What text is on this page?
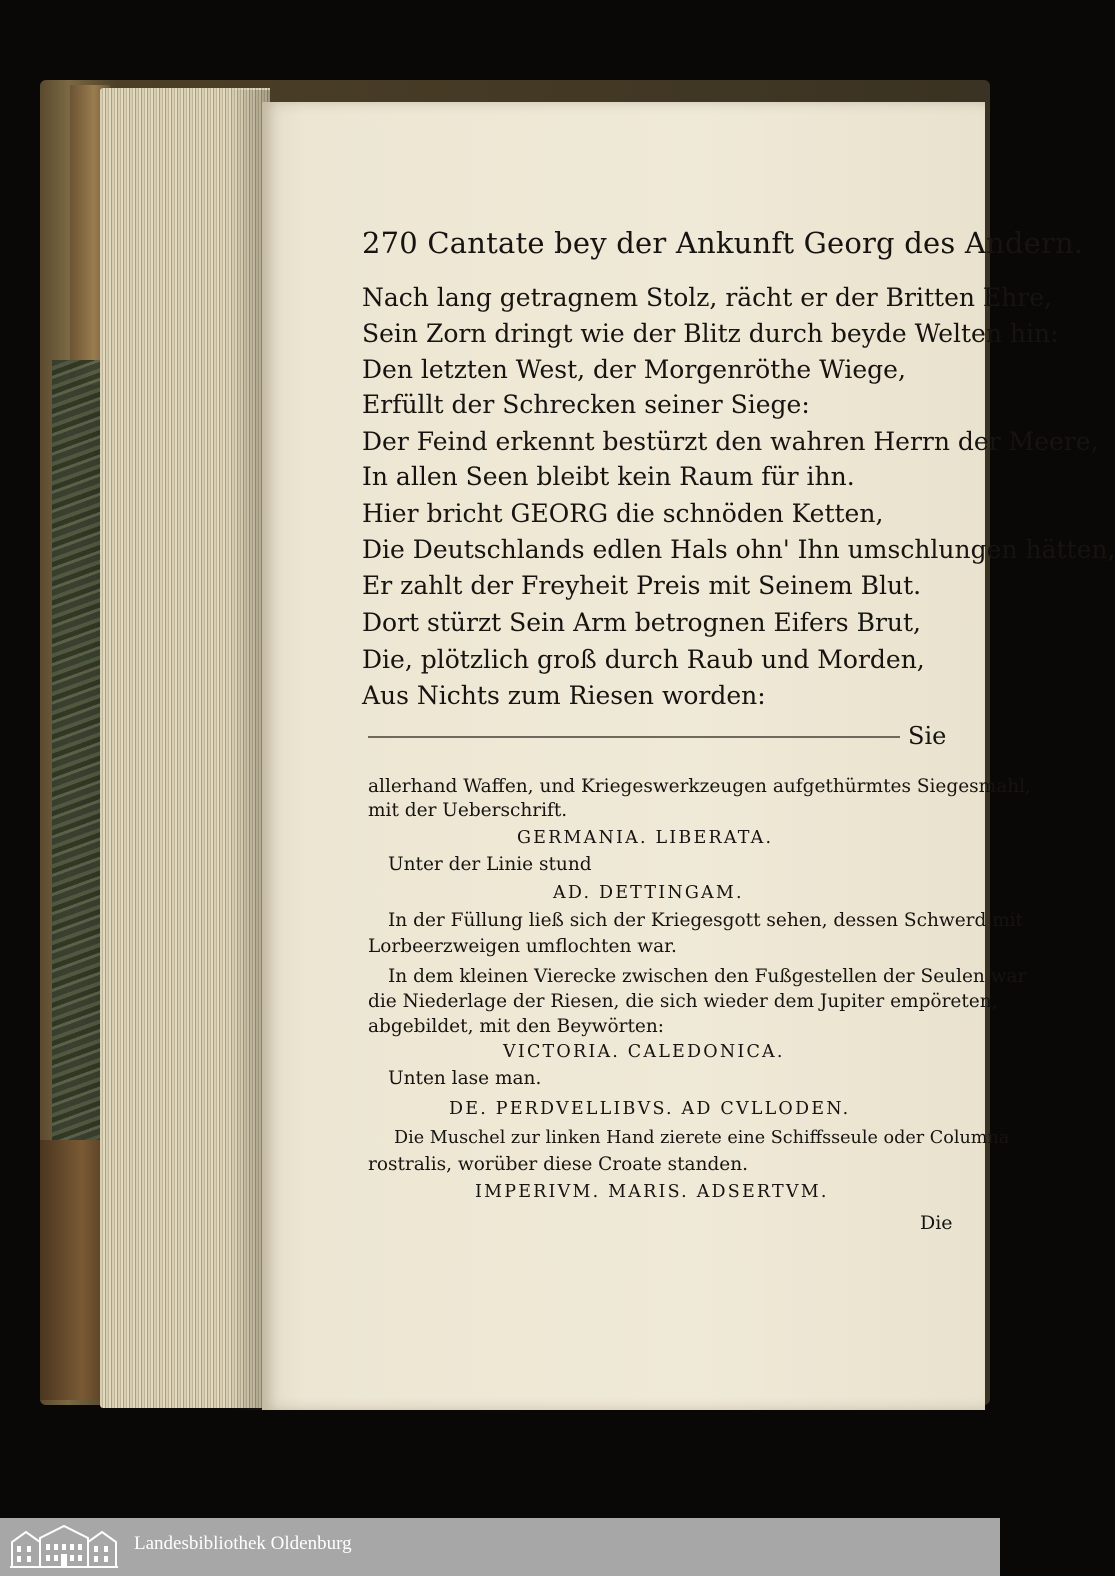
270 Cantate bey der Ankunft Georg des Andern.
Nach lang getragnem Stolz, rächt er der Britten Ehre,
Sein Zorn dringt wie der Blitz durch beyde Welten hin:
Den letzten West, der Morgenröthe Wiege,
Erfüllt der Schrecken seiner Siege:
Der Feind erkennt bestürzt den wahren Herrn der Meere,
In allen Seen bleibt kein Raum für ihn.
Hier bricht GEORG die schnöden Ketten,
Die Deutschlands edlen Hals ohn' Ihn umschlungen hätten,
Er zahlt der Freyheit Preis mit Seinem Blut.
Dort stürzt Sein Arm betrognen Eifers Brut,
Die, plötzlich groß durch Raub und Morden,
Aus Nichts zum Riesen worden:
Sie
allerhand Waffen, und Kriegeswerkzeugen aufgethürmtes Siegesmahl,
mit der Ueberschrift.
GERMANIA. LIBERATA.
Unter der Linie stund
AD. DETTINGAM.
In der Füllung ließ sich der Kriegesgott sehen, dessen Schwerd mit
Lorbeerzweigen umflochten war.
In dem kleinen Vierecke zwischen den Fußgestellen der Seulen war
die Niederlage der Riesen, die sich wieder dem Jupiter empöreten,
abgebildet, mit den Beywörten:
VICTORIA. CALEDONICA.
Unten lase man.
DE. PERDVELLIBVS. AD CVLLODEN.
Die Muschel zur linken Hand zierete eine Schiffsseule oder Columna
rostralis, worüber diese Croate standen.
IMPERIVM. MARIS. ADSERTVM.
Die
Landesbibliothek Oldenburg
